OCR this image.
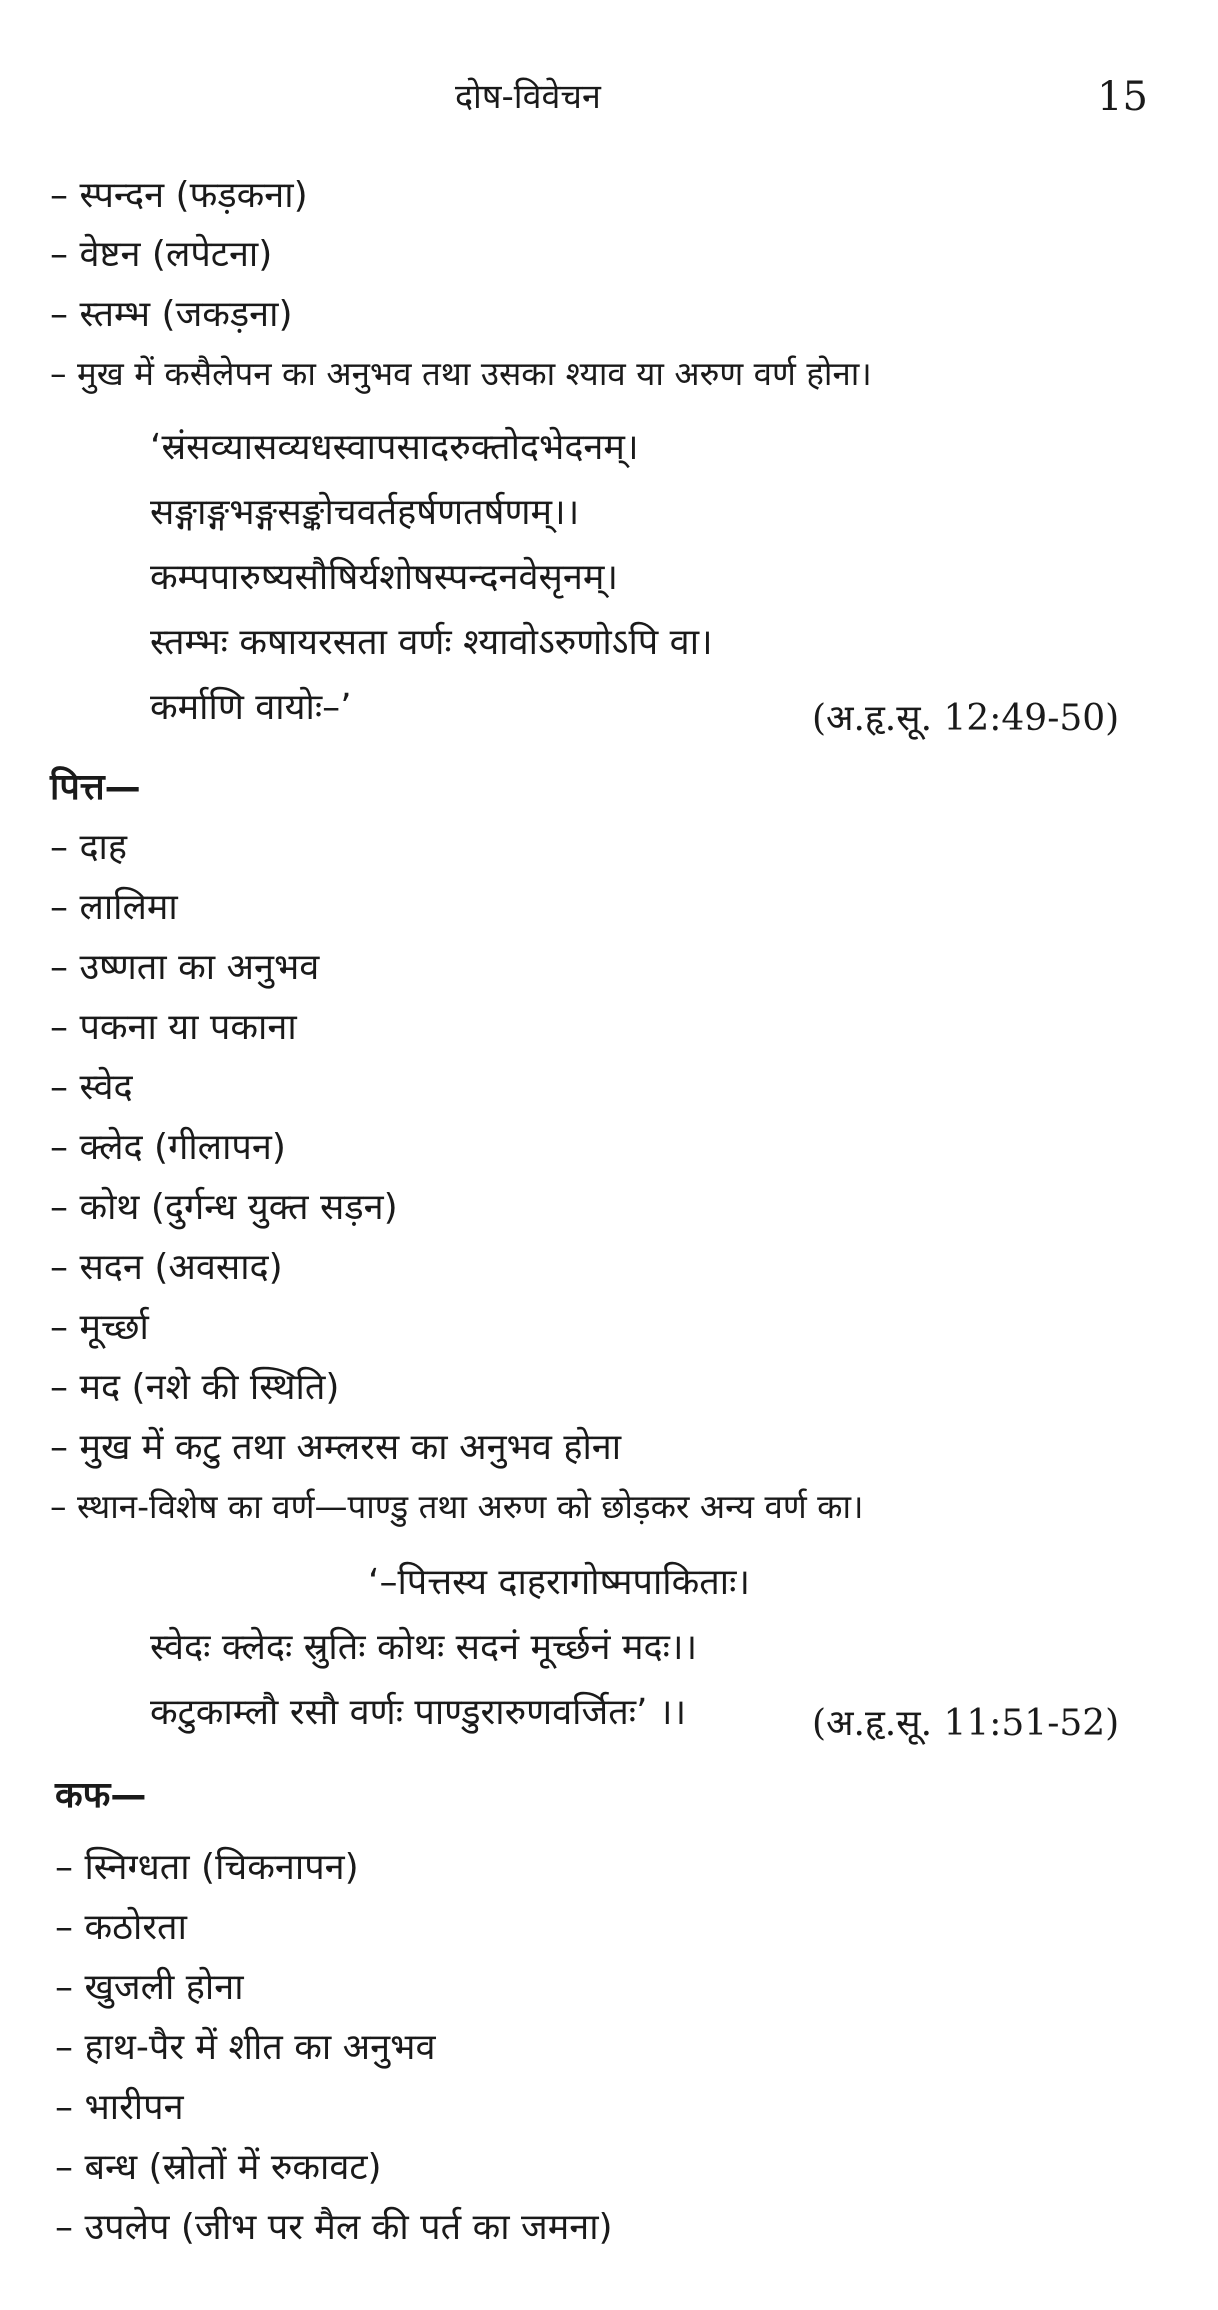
दोष-विवेचन	15
– स्पन्दन (फड़कना)
– वेष्टन (लपेटना)
– स्तम्भ (जकड़ना)
– मुख में कसैलेपन का अनुभव तथा उसका श्याव या अरुण वर्ण होना।
‘स्रंसव्यासव्यधस्वापसादरुक्तोदभेदनम्।
सङ्गाङ्गभङ्गसङ्कोचवर्तहर्षणतर्षणम्।।
कम्पपारुष्यसौषिर्यशोषस्पन्दनवेसृनम्।
स्तम्भः कषायरसता वर्णः श्यावोऽरुणोऽपि वा।
कर्माणि वायोः–’	(अ.हृ.सू. 12:49-50)
पित्त—
– दाह
– लालिमा
– उष्णता का अनुभव
– पकना या पकाना
– स्वेद
– क्लेद (गीलापन)
– कोथ (दुर्गन्ध युक्त सड़न)
– सदन (अवसाद)
– मूर्च्छा
– मद (नशे की स्थिति)
– मुख में कटु तथा अम्लरस का अनुभव होना
– स्थान-विशेष का वर्ण—पाण्डु तथा अरुण को छोड़कर अन्य वर्ण का।
‘–पित्तस्य दाहरागोष्मपाकिताः।
स्वेदः क्लेदः स्रुतिः कोथः सदनं मूर्च्छनं मदः।।
कटुकाम्लौ रसौ वर्णः पाण्डुरारुणवर्जितः’ ।।	(अ.हृ.सू. 11:51-52)
कफ—
– स्निग्धता (चिकनापन)
– कठोरता
– खुजली होना
– हाथ-पैर में शीत का अनुभव
– भारीपन
– बन्ध (स्रोतों में रुकावट)
– उपलेप (जीभ पर मैल की पर्त का जमना)
